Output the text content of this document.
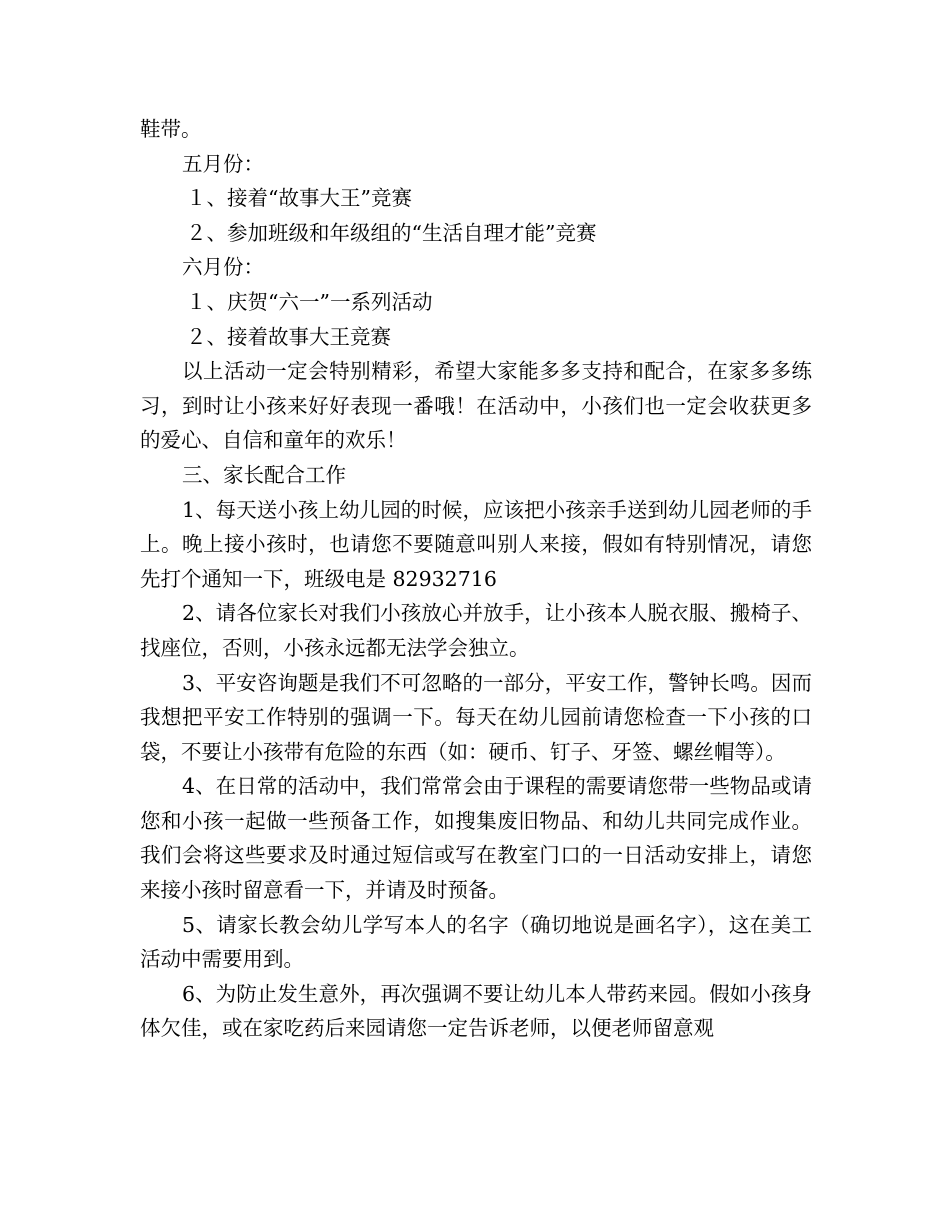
鞋带。

五月份：

１、接着“故事大王”竞赛

２、参加班级和年级组的“生活自理才能”竞赛

六月份：

１、庆贺“六一”一系列活动

２、接着故事大王竞赛

以上活动一定会特别精彩，希望大家能多多支持和配合，在家多多练习，到时让小孩来好好表现一番哦！在活动中，小孩们也一定会收获更多的爱心、自信和童年的欢乐！

三、家长配合工作

1、每天送小孩上幼儿园的时候，应该把小孩亲手送到幼儿园老师的手上。晚上接小孩时，也请您不要随意叫别人来接，假如有特别情况，请您先打个通知一下，班级电是 82932716

2、请各位家长对我们小孩放心并放手，让小孩本人脱衣服、搬椅子、找座位，否则，小孩永远都无法学会独立。

3、平安咨询题是我们不可忽略的一部分，平安工作，警钟长鸣。因而我想把平安工作特别的强调一下。每天在幼儿园前请您检查一下小孩的口袋，不要让小孩带有危险的东西（如：硬币、钉子、牙签、螺丝帽等）。

4、在日常的活动中，我们常常会由于课程的需要请您带一些物品或请您和小孩一起做一些预备工作，如搜集废旧物品、和幼儿共同完成作业。我们会将这些要求及时通过短信或写在教室门口的一日活动安排上，请您来接小孩时留意看一下，并请及时预备。

5、请家长教会幼儿学写本人的名字（确切地说是画名字），这在美工活动中需要用到。

6、为防止发生意外，再次强调不要让幼儿本人带药来园。假如小孩身体欠佳，或在家吃药后来园请您一定告诉老师，以便老师留意观
